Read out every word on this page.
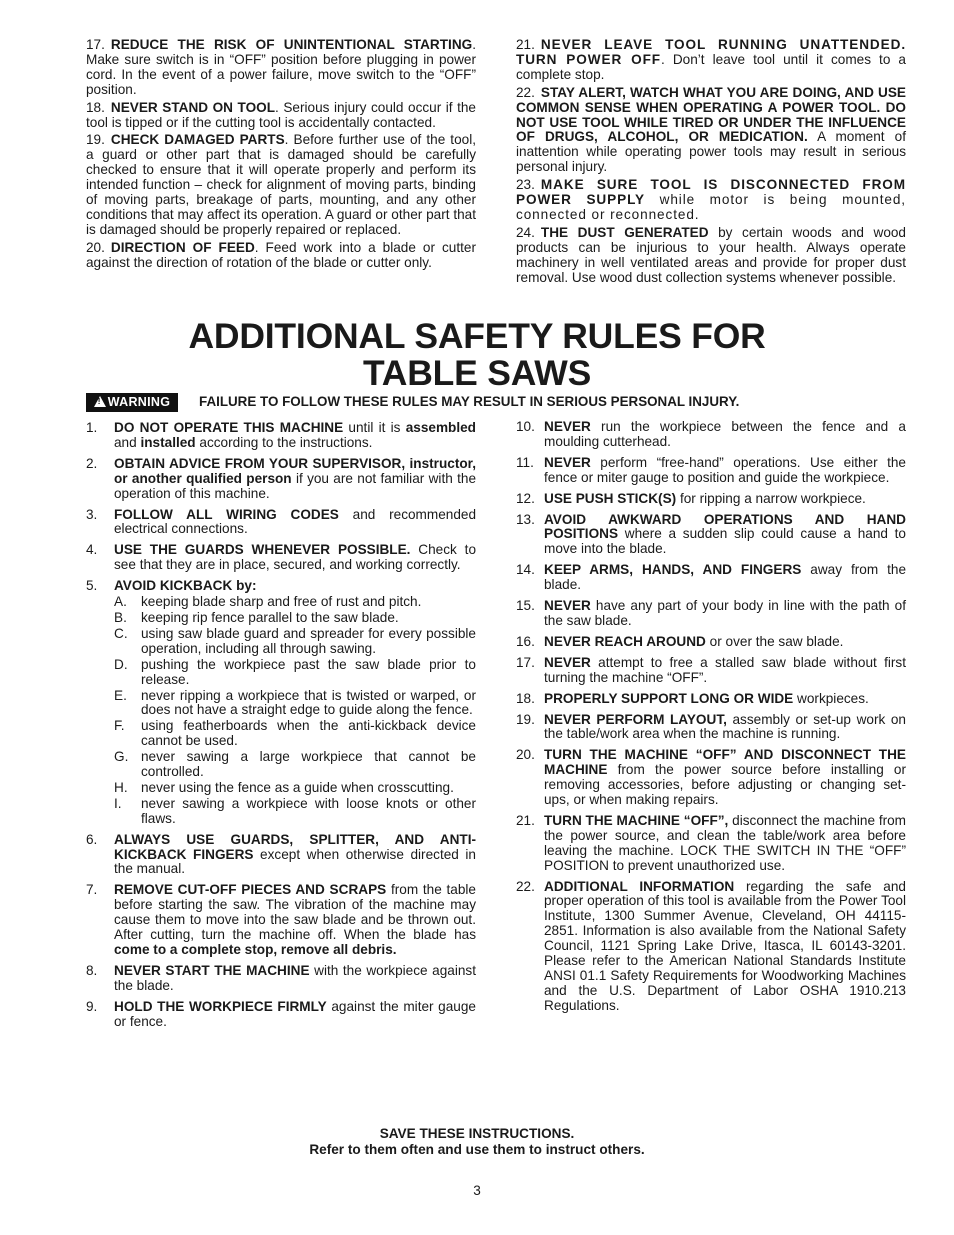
17. REDUCE THE RISK OF UNINTENTIONAL STARTING. Make sure switch is in “OFF” position before plugging in power cord. In the event of a power failure, move switch to the “OFF” position.

18. NEVER STAND ON TOOL. Serious injury could occur if the tool is tipped or if the cutting tool is accidentally contacted.

19. CHECK DAMAGED PARTS. Before further use of the tool, a guard or other part that is damaged should be carefully checked to ensure that it will operate properly and perform its intended function – check for alignment of moving parts, binding of moving parts, breakage of parts, mounting, and any other conditions that may affect its operation. A guard or other part that is damaged should be properly repaired or replaced.

20. DIRECTION OF FEED. Feed work into a blade or cutter against the direction of rotation of the blade or cutter only.

21. NEVER LEAVE TOOL RUNNING UNATTENDED. TURN POWER OFF. Don’t leave tool until it comes to a complete stop.

22. STAY ALERT, WATCH WHAT YOU ARE DOING, AND USE COMMON SENSE WHEN OPERATING A POWER TOOL. DO NOT USE TOOL WHILE TIRED OR UNDER THE INFLUENCE OF DRUGS, ALCOHOL, OR MEDICATION. A moment of inattention while operating power tools may result in serious personal injury.

23. MAKE SURE TOOL IS DISCONNECTED FROM POWER SUPPLY while motor is being mounted, connected or reconnected.

24. THE DUST GENERATED by certain woods and wood products can be injurious to your health. Always operate machinery in well ventilated areas and provide for proper dust removal. Use wood dust collection systems whenever possible.

ADDITIONAL SAFETY RULES FOR
TABLE SAWS
!WARNING	FAILURE TO FOLLOW THESE RULES MAY RESULT IN SERIOUS PERSONAL INJURY.
1. DO NOT OPERATE THIS MACHINE until it is assembled and installed according to the instructions.
2. OBTAIN ADVICE FROM YOUR SUPERVISOR, instructor, or another qualified person if you are not familiar with the operation of this machine.
3. FOLLOW ALL WIRING CODES and recommended electrical connections.
4. USE THE GUARDS WHENEVER POSSIBLE. Check to see that they are in place, secured, and working correctly.
5. AVOID KICKBACK by:
A. keeping blade sharp and free of rust and pitch.
B. keeping rip fence parallel to the saw blade.
C. using saw blade guard and spreader for every possible operation, including all through sawing.
D. pushing the workpiece past the saw blade prior to release.
E. never ripping a workpiece that is twisted or warped, or does not have a straight edge to guide along the fence.
F. using featherboards when the anti-kickback device cannot be used.
G. never sawing a large workpiece that cannot be controlled.
H. never using the fence as a guide when crosscutting.
I. never sawing a workpiece with loose knots or other flaws.
6. ALWAYS USE GUARDS, SPLITTER, AND ANTI-KICKBACK FINGERS except when otherwise directed in the manual.
7. REMOVE CUT-OFF PIECES AND SCRAPS from the table before starting the saw. The vibration of the machine may cause them to move into the saw blade and be thrown out. After cutting, turn the machine off. When the blade has come to a complete stop, remove all debris.
8. NEVER START THE MACHINE with the workpiece against the blade.
9. HOLD THE WORKPIECE FIRMLY against the miter gauge or fence.
10. NEVER run the workpiece between the fence and a moulding cutterhead.
11. NEVER perform “free-hand” operations. Use either the fence or miter gauge to position and guide the workpiece.
12. USE PUSH STICK(S) for ripping a narrow workpiece.
13. AVOID AWKWARD OPERATIONS AND HAND POSITIONS where a sudden slip could cause a hand to move into the blade.
14. KEEP ARMS, HANDS, AND FINGERS away from the blade.
15. NEVER have any part of your body in line with the path of the saw blade.
16. NEVER REACH AROUND or over the saw blade.
17. NEVER attempt to free a stalled saw blade without first turning the machine “OFF”.
18. PROPERLY SUPPORT LONG OR WIDE workpieces.
19. NEVER PERFORM LAYOUT, assembly or set-up work on the table/work area when the machine is running.
20. TURN THE MACHINE “OFF” AND DISCONNECT THE MACHINE from the power source before installing or removing accessories, before adjusting or changing set-ups, or when making repairs.
21. TURN THE MACHINE “OFF”, disconnect the machine from the power source, and clean the table/work area before leaving the machine. LOCK THE SWITCH IN THE “OFF” POSITION to prevent unauthorized use.
22. ADDITIONAL INFORMATION regarding the safe and proper operation of this tool is available from the Power Tool Institute, 1300 Summer Avenue, Cleveland, OH 44115-2851. Information is also available from the National Safety Council, 1121 Spring Lake Drive, Itasca, IL 60143-3201. Please refer to the American National Standards Institute ANSI 01.1 Safety Requirements for Woodworking Machines and the U.S. Department of Labor OSHA 1910.213 Regulations.
SAVE THESE INSTRUCTIONS.
Refer to them often and use them to instruct others.
3
